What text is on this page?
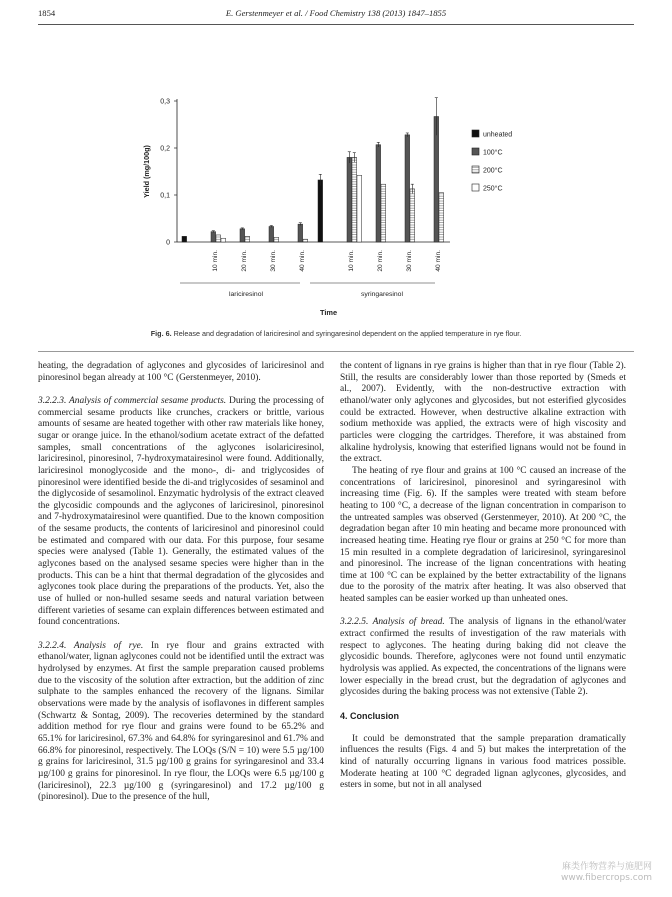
1854	E. Gerstenmeyer et al. / Food Chemistry 138 (2013) 1847–1855
0
0,1
0,2
0,3
Yield (mg/100g)
10 min.	20 min.	30 min.	40 min.
lariciresinol
10 min.	20 min.	30 min.	40 min.
syringaresinol
Time
unheated
100°C
200°C
250°C
Fig. 6. Release and degradation of lariciresinol and syringaresinol dependent on the applied temperature in rye flour.

heating, the degradation of aglycones and glycosides of lariciresinol and pinoresinol began already at 100 °C (Gerstenmeyer, 2010).

3.2.2.3. Analysis of commercial sesame products. During the processing of commercial sesame products like crunches, crackers or brittle, various amounts of sesame are heated together with other raw materials like honey, sugar or orange juice. In the ethanol/sodium acetate extract of the defatted samples, small concentrations of the aglycones isolariciresinol, lariciresinol, pinoresinol, 7-hydroxymatairesinol were found. Additionally, lariciresinol monoglycoside and the mono-, di- and triglycosides of pinoresinol were identified beside the di-and triglycosides of sesaminol and the diglycoside of sesamolinol. Enzymatic hydrolysis of the extract cleaved the glycosidic compounds and the aglycones of lariciresinol, pinoresinol and 7-hydroxymatairesinol were quantified. Due to the known composition of the sesame products, the contents of lariciresinol and pinoresinol could be estimated and compared with our data. For this purpose, four sesame species were analysed (Table 1). Generally, the estimated values of the aglycones based on the analysed sesame species were higher than in the products. This can be a hint that thermal degradation of the glycosides and aglycones took place during the preparations of the products. Yet, also the use of hulled or non-hulled sesame seeds and natural variation between different varieties of sesame can explain differences between estimated and found concentrations.

3.2.2.4. Analysis of rye. In rye flour and grains extracted with ethanol/water, lignan aglycones could not be identified until the extract was hydrolysed by enzymes. At first the sample preparation caused problems due to the viscosity of the solution after extraction, but the addition of zinc sulphate to the samples enhanced the recovery of the lignans. Similar observations were made by the analysis of isoflavones in different samples (Schwartz & Sontag, 2009). The recoveries determined by the standard addition method for rye flour and grains were found to be 65.2% and 65.1% for lariciresinol, 67.3% and 64.8% for syringaresinol and 61.7% and 66.8% for pinoresinol, respectively. The LOQs (S/N = 10) were 5.5 µg/100 g grains for lariciresinol, 31.5 µg/100 g grains for syringaresinol and 33.4 µg/100 g grains for pinoresinol. In rye flour, the LOQs were 6.5 µg/100 g (lariciresinol), 22.3 µg/100 g (syringaresinol) and 17.2 µg/100 g (pinoresinol). Due to the presence of the hull,

the content of lignans in rye grains is higher than that in rye flour (Table 2). Still, the results are considerably lower than those reported by (Smeds et al., 2007). Evidently, with the non-destructive extraction with ethanol/water only aglycones and glycosides, but not esterified glycosides could be extracted. However, when destructive alkaline extraction with sodium methoxide was applied, the extracts were of high viscosity and particles were clogging the cartridges. Therefore, it was abstained from alkaline hydrolysis, knowing that esterified lignans would not be found in the extract.

The heating of rye flour and grains at 100 °C caused an increase of the concentrations of lariciresinol, pinoresinol and syringaresinol with increasing time (Fig. 6). If the samples were treated with steam before heating to 100 °C, a decrease of the lignan concentration in comparison to the untreated samples was observed (Gerstenmeyer, 2010). At 200 °C, the degradation began after 10 min heating and became more pronounced with increased heating time. Heating rye flour or grains at 250 °C for more than 15 min resulted in a complete degradation of lariciresinol, syringaresinol and pinoresinol. The increase of the lignan concentrations with heating time at 100 °C can be explained by the better extractability of the lignans due to the porosity of the matrix after heating. It was also observed that heated samples can be easier worked up than unheated ones.

3.2.2.5. Analysis of bread. The analysis of lignans in the ethanol/water extract confirmed the results of investigation of the raw materials with respect to aglycones. The heating during baking did not cleave the glycosidic bounds. Therefore, aglycones were not found until enzymatic hydrolysis was applied. As expected, the concentrations of the lignans were lower especially in the bread crust, but the degradation of aglycones and glycosides during the baking process was not extensive (Table 2).

4. Conclusion

It could be demonstrated that the sample preparation dramatically influences the results (Figs. 4 and 5) but makes the interpretation of the kind of naturally occurring lignans in various food matrices possible. Moderate heating at 100 °C degraded lignan aglycones, glycosides, and esters in some, but not in all analysed

麻类作物营养与施肥网
www.fibercrops.com
